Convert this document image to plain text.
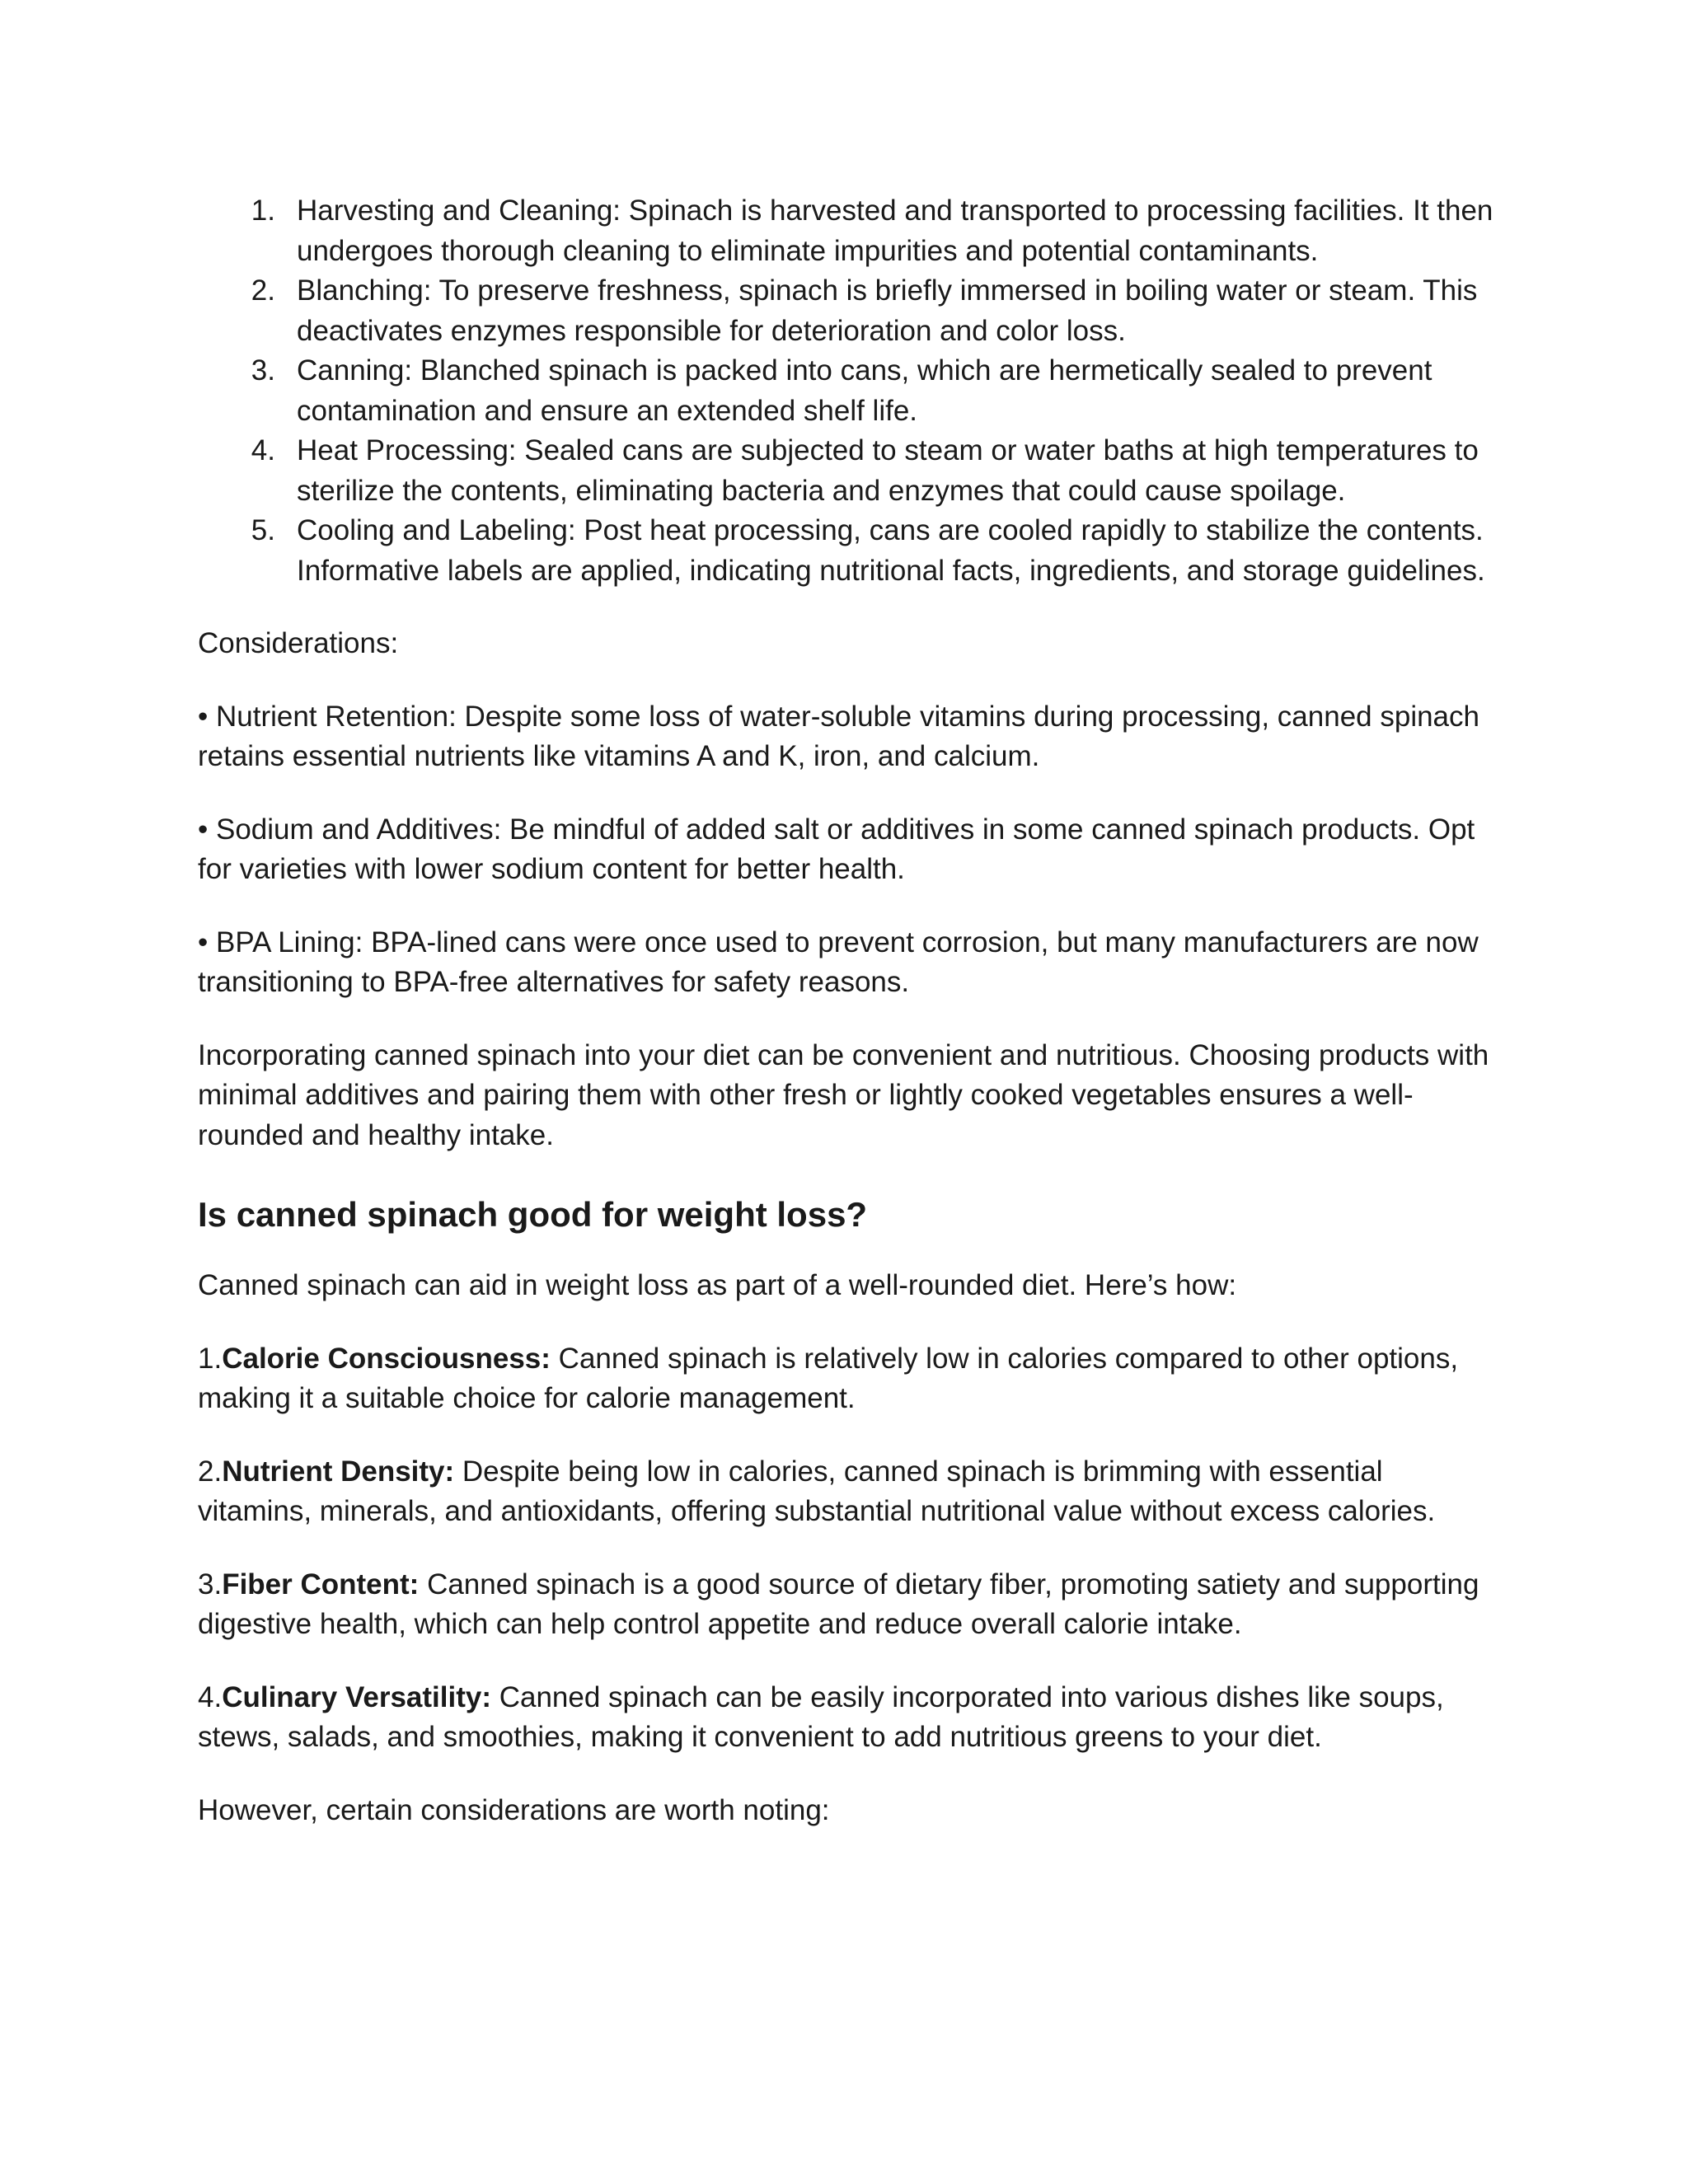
1. Harvesting and Cleaning: Spinach is harvested and transported to processing facilities. It then undergoes thorough cleaning to eliminate impurities and potential contaminants.
2. Blanching: To preserve freshness, spinach is briefly immersed in boiling water or steam. This deactivates enzymes responsible for deterioration and color loss.
3. Canning: Blanched spinach is packed into cans, which are hermetically sealed to prevent contamination and ensure an extended shelf life.
4. Heat Processing: Sealed cans are subjected to steam or water baths at high temperatures to sterilize the contents, eliminating bacteria and enzymes that could cause spoilage.
5. Cooling and Labeling: Post heat processing, cans are cooled rapidly to stabilize the contents. Informative labels are applied, indicating nutritional facts, ingredients, and storage guidelines.

Considerations:

• Nutrient Retention: Despite some loss of water-soluble vitamins during processing, canned spinach retains essential nutrients like vitamins A and K, iron, and calcium.

• Sodium and Additives: Be mindful of added salt or additives in some canned spinach products. Opt for varieties with lower sodium content for better health.

• BPA Lining: BPA-lined cans were once used to prevent corrosion, but many manufacturers are now transitioning to BPA-free alternatives for safety reasons.

Incorporating canned spinach into your diet can be convenient and nutritious. Choosing products with minimal additives and pairing them with other fresh or lightly cooked vegetables ensures a well-rounded and healthy intake.

Is canned spinach good for weight loss?

Canned spinach can aid in weight loss as part of a well-rounded diet. Here’s how:

1.Calorie Consciousness: Canned spinach is relatively low in calories compared to other options, making it a suitable choice for calorie management.

2.Nutrient Density: Despite being low in calories, canned spinach is brimming with essential vitamins, minerals, and antioxidants, offering substantial nutritional value without excess calories.

3.Fiber Content: Canned spinach is a good source of dietary fiber, promoting satiety and supporting digestive health, which can help control appetite and reduce overall calorie intake.

4.Culinary Versatility: Canned spinach can be easily incorporated into various dishes like soups, stews, salads, and smoothies, making it convenient to add nutritious greens to your diet.

However, certain considerations are worth noting:
